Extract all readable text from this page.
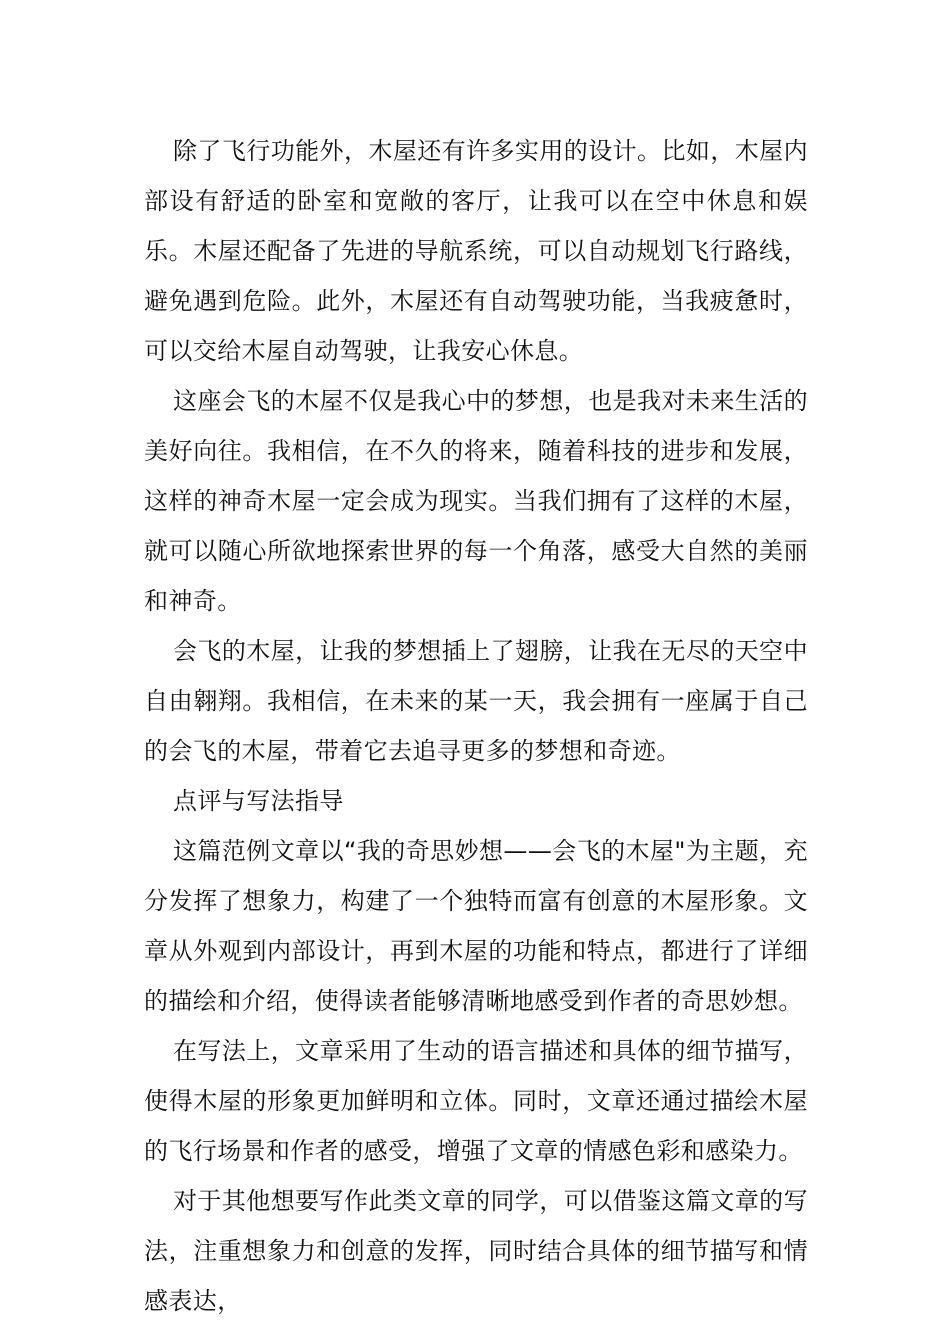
除了飞行功能外，木屋还有许多实用的设计。比如，木屋内部设有舒适的卧室和宽敞的客厅，让我可以在空中休息和娱乐。木屋还配备了先进的导航系统，可以自动规划飞行路线，避免遇到危险。此外，木屋还有自动驾驶功能，当我疲惫时，可以交给木屋自动驾驶，让我安心休息。

这座会飞的木屋不仅是我心中的梦想，也是我对未来生活的美好向往。我相信，在不久的将来，随着科技的进步和发展，这样的神奇木屋一定会成为现实。当我们拥有了这样的木屋，就可以随心所欲地探索世界的每一个角落，感受大自然的美丽和神奇。

会飞的木屋，让我的梦想插上了翅膀，让我在无尽的天空中自由翱翔。我相信，在未来的某一天，我会拥有一座属于自己的会飞的木屋，带着它去追寻更多的梦想和奇迹。

点评与写法指导

这篇范例文章以“我的奇思妙想——会飞的木屋"为主题，充分发挥了想象力，构建了一个独特而富有创意的木屋形象。文章从外观到内部设计，再到木屋的功能和特点，都进行了详细的描绘和介绍，使得读者能够清晰地感受到作者的奇思妙想。

在写法上，文章采用了生动的语言描述和具体的细节描写，使得木屋的形象更加鲜明和立体。同时，文章还通过描绘木屋的飞行场景和作者的感受，增强了文章的情感色彩和感染力。

对于其他想要写作此类文章的同学，可以借鉴这篇文章的写法，注重想象力和创意的发挥，同时结合具体的细节描写和情感表达，
